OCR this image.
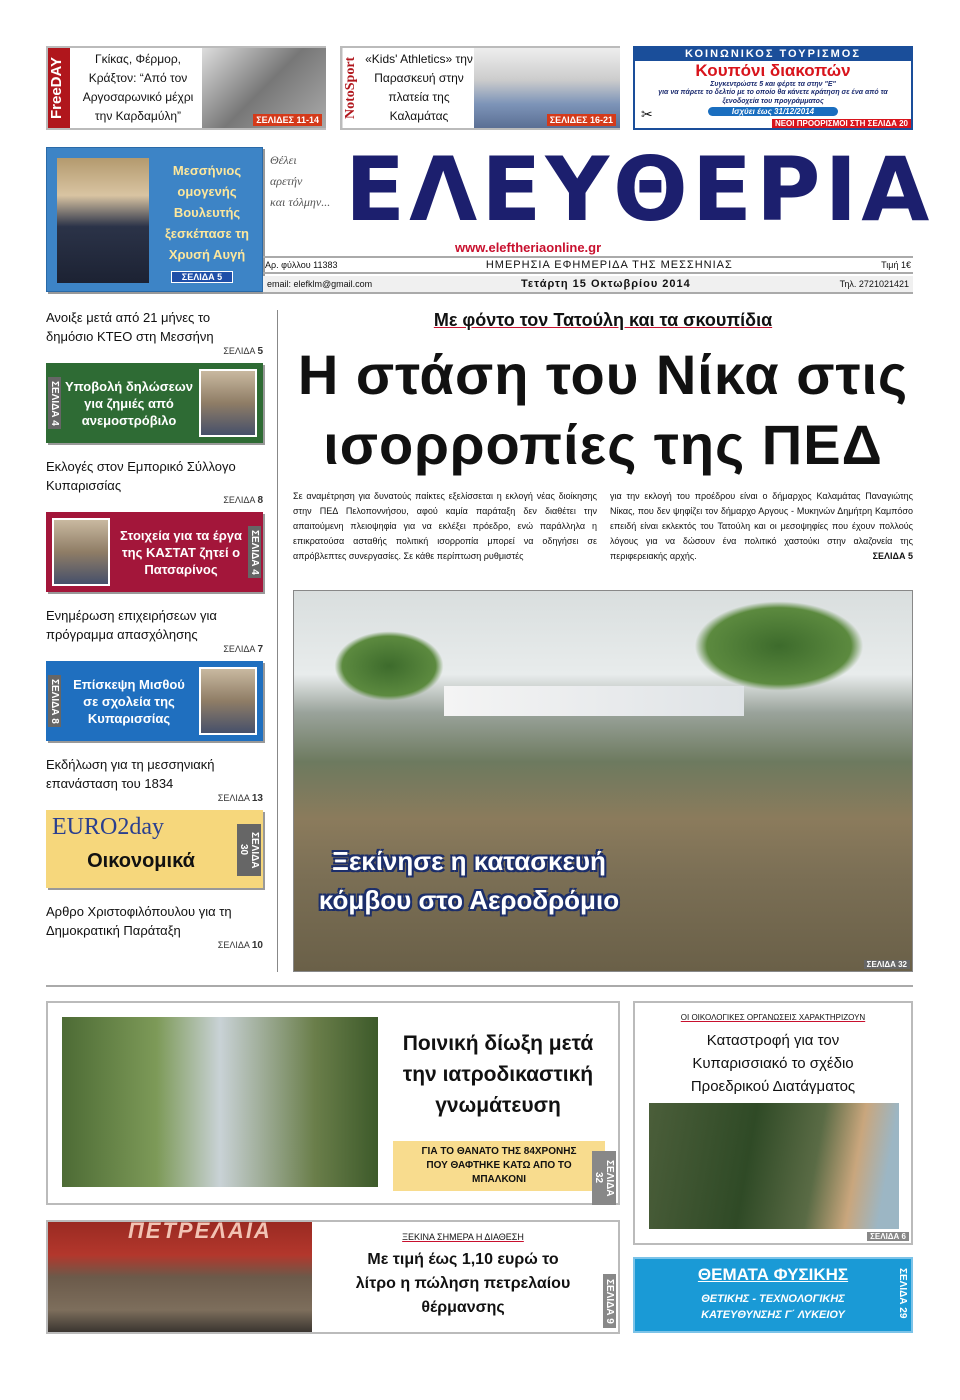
FreeDAY	Γκίκας, Φέρμορ, Κράξτον: “Από τον Αργοσαρωνικό μέχρι την Καρδαμύλη”	ΣΕΛΙΔΕΣ 11-14
NotoSport «Kids' Athletics» την Παρασκευή στην πλατεία της Καλαμάτας	ΣΕΛΙΔΕΣ 16-21
ΚΟΙΝΩΝΙΚΟΣ ΤΟΥΡΙΣΜΟΣ
Κουπόνι διακοπών
Συγκεντρώστε 5 και φέρτε τα στην "Ε"
για να πάρετε το δελτίο με το οποίο θα κάνετε κράτηση σε ένα από τα ξενοδοχεία του προγράμματος
Ισχύει έως 31/12/2014
✂
ΝΕΟΙ ΠΡΟΟΡΙΣΜΟΙ ΣΤΗ ΣΕΛΙΔΑ 20
Μεσσήνιος ομογενής Βουλευτής ξεσκέπασε τη Χρυσή Αυγή
ΣΕΛΙΔΑ 5
Ανοιξε μετά από 21 μήνες το δημόσιο ΚΤΕΟ στη Μεσσήνη
ΣΕΛΙΔΑ 5
Υποβολή δηλώσεων για ζημιές από ανεμοστρόβιλο
ΣΕΛΙΔΑ 4
Εκλογές στον Εμπορικό Σύλλογο Κυπαρισσίας
ΣΕΛΙΔΑ 8
Στοιχεία για τα έργα της ΚΑΣΤΑΤ ζητεί ο Πατσαρίνος	ΣΕΛΙΔΑ 4
Ενημέρωση επιχειρήσεων για πρόγραμμα απασχόλησης
ΣΕΛΙΔΑ 7
Επίσκεψη Μισθού σε σχολεία της Κυπαρισσίας
ΣΕΛΙΔΑ 8
Εκδήλωση για τη μεσσηνιακή επανάσταση του 1834
ΣΕΛΙΔΑ 13
EURO2day
Οικονομικά	ΣΕΛΙΔΑ 30
Αρθρο Χριστοφιλόπουλου για τη Δημοκρατική Παράταξη
ΣΕΛΙΔΑ 10
Θέλει
αρετήν
και τόλμην... ΕΛΕΥΘΕΡΙΑ
www.eleftheriaonline.gr
Αρ. φύλλου 11383	ΗΜΕΡΗΣΙΑ ΕΦΗΜΕΡΙΔΑ ΤΗΣ ΜΕΣΣΗΝΙΑΣ	Τιμή 1€
email: elefklm@gmail.com	Τετάρτη 15 Οκτωβρίου 2014	Τηλ. 2721021421
Με φόντο τον Τατούλη και τα σκουπίδια
Η στάση του Νίκα στις ισορροπίες της ΠΕΔ
Σε αναμέτρηση για δυνατούς παίκτες εξελίσσεται η εκλογή νέας διοίκησης στην ΠΕΔ Πελοποννήσου, αφού καμία παράταξη δεν διαθέτει την απαιτούμενη πλειοψηφία για να εκλέξει πρόεδρο, ενώ παράλληλα η επικρατούσα ασταθής πολιτική ισορροπία μπορεί να οδηγήσει σε απρόβλεπτες συνεργασίες. Σε κάθε περίπτωση ρυθμιστές
για την εκλογή του προέδρου είναι ο δήμαρχος Καλαμάτας Παναγιώτης Νίκας, που δεν ψηφίζει τον δήμαρχο Αργους - Μυκηνών Δημήτρη Καμπόσο επειδή είναι εκλεκτός του Τατούλη και οι μεσοψηφίες που έχουν πολλούς λόγους για να δώσουν ένα πολιτικό χαστούκι στην αλαζονεία της περιφερειακής αρχής.	ΣΕΛΙΔΑ 5
Ξεκίνησε η κατασκευή κόμβου στο Αεροδρόμιο
ΣΕΛΙΔΑ 32
Ποινική δίωξη μετά την ιατροδικαστική γνωμάτευση
ΓΙΑ ΤΟ ΘΑΝΑΤΟ ΤΗΣ 84ΧΡΟΝΗΣ ΠΟΥ ΘΑΦΤΗΚΕ ΚΑΤΩ ΑΠΟ ΤΟ ΜΠΑΛΚΟΝΙ	ΣΕΛΙΔΑ 32
ΟΙ ΟΙΚΟΛΟΓΙΚΕΣ ΟΡΓΑΝΩΣΕΙΣ ΧΑΡΑΚΤΗΡΙΖΟΥΝ
Καταστροφή για τον Κυπαρισσιακό το σχέδιο Προεδρικού Διατάγματος
ΣΕΛΙΔΑ 6
ΠΕΤΡΕΛΑΙΑ	ΞΕΚΙΝΑ ΣΗΜΕΡΑ Η ΔΙΑΘΕΣΗ
Με τιμή έως 1,10 ευρώ το λίτρο η πώληση πετρελαίου θέρμανσης	ΣΕΛΙΔΑ 9
ΘΕΜΑΤΑ ΦΥΣΙΚΗΣ
ΘΕΤΙΚΗΣ - ΤΕΧΝΟΛΟΓΙΚΗΣ ΚΑΤΕΥΘΥΝΣΗΣ Γ΄ ΛΥΚΕΙΟΥ	ΣΕΛΙΔΑ 29
